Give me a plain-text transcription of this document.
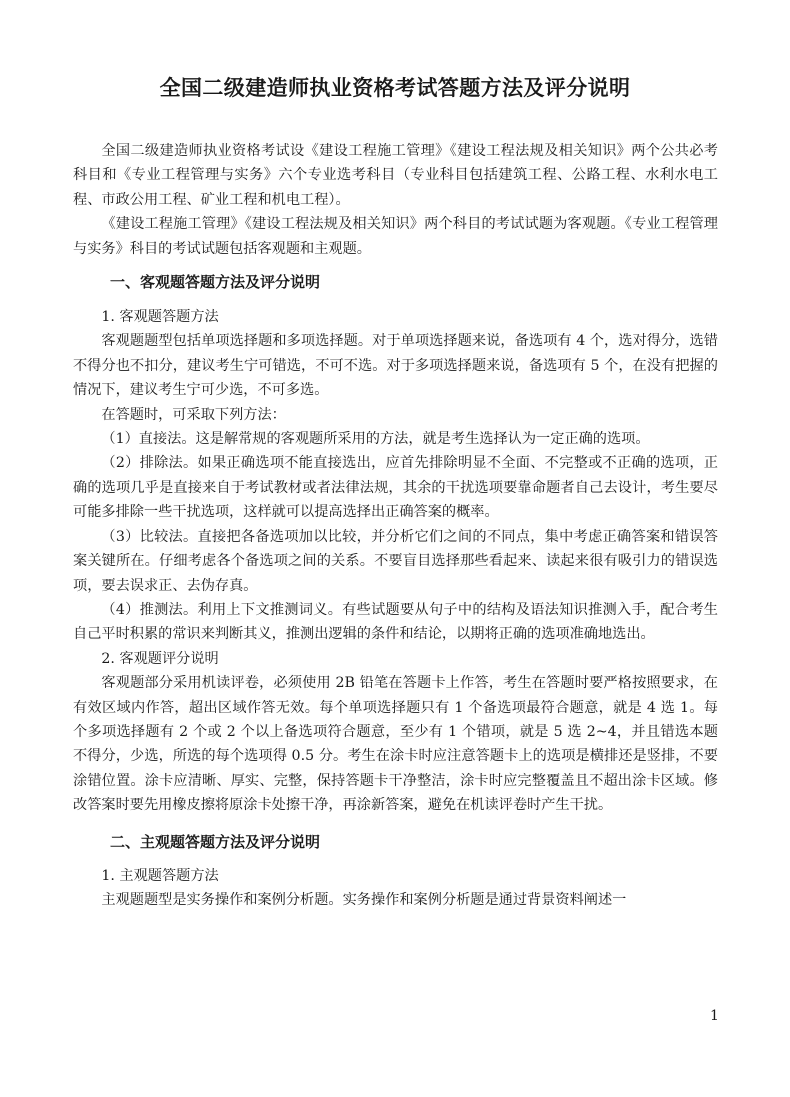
全国二级建造师执业资格考试答题方法及评分说明

全国二级建造师执业资格考试设《建设工程施工管理》《建设工程法规及相关知识》两个公共必考科目和《专业工程管理与实务》六个专业选考科目（专业科目包括建筑工程、公路工程、水利水电工程、市政公用工程、矿业工程和机电工程）。

《建设工程施工管理》《建设工程法规及相关知识》两个科目的考试试题为客观题。《专业工程管理与实务》科目的考试试题包括客观题和主观题。

一、客观题答题方法及评分说明

1. 客观题答题方法

客观题题型包括单项选择题和多项选择题。对于单项选择题来说，备选项有 4 个，选对得分，选错不得分也不扣分，建议考生宁可错选，不可不选。对于多项选择题来说，备选项有 5 个，在没有把握的情况下，建议考生宁可少选，不可多选。

在答题时，可采取下列方法：

（1）直接法。这是解常规的客观题所采用的方法，就是考生选择认为一定正确的选项。

（2）排除法。如果正确选项不能直接选出，应首先排除明显不全面、不完整或不正确的选项，正确的选项几乎是直接来自于考试教材或者法律法规，其余的干扰选项要靠命题者自己去设计，考生要尽可能多排除一些干扰选项，这样就可以提高选择出正确答案的概率。

（3）比较法。直接把各备选项加以比较，并分析它们之间的不同点，集中考虑正确答案和错误答案关键所在。仔细考虑各个备选项之间的关系。不要盲目选择那些看起来、读起来很有吸引力的错误选项，要去误求正、去伪存真。

（4）推测法。利用上下文推测词义。有些试题要从句子中的结构及语法知识推测入手，配合考生自己平时积累的常识来判断其义，推测出逻辑的条件和结论，以期将正确的选项准确地选出。

2. 客观题评分说明

客观题部分采用机读评卷，必须使用 2B 铅笔在答题卡上作答，考生在答题时要严格按照要求，在有效区域内作答，超出区域作答无效。每个单项选择题只有 1 个备选项最符合题意，就是 4 选 1。每个多项选择题有 2 个或 2 个以上备选项符合题意，至少有 1 个错项，就是 5 选 2~4，并且错选本题不得分，少选，所选的每个选项得 0.5 分。考生在涂卡时应注意答题卡上的选项是横排还是竖排，不要涂错位置。涂卡应清晰、厚实、完整，保持答题卡干净整洁，涂卡时应完整覆盖且不超出涂卡区域。修改答案时要先用橡皮擦将原涂卡处擦干净，再涂新答案，避免在机读评卷时产生干扰。

二、主观题答题方法及评分说明

1. 主观题答题方法

主观题题型是实务操作和案例分析题。实务操作和案例分析题是通过背景资料阐述一

1
